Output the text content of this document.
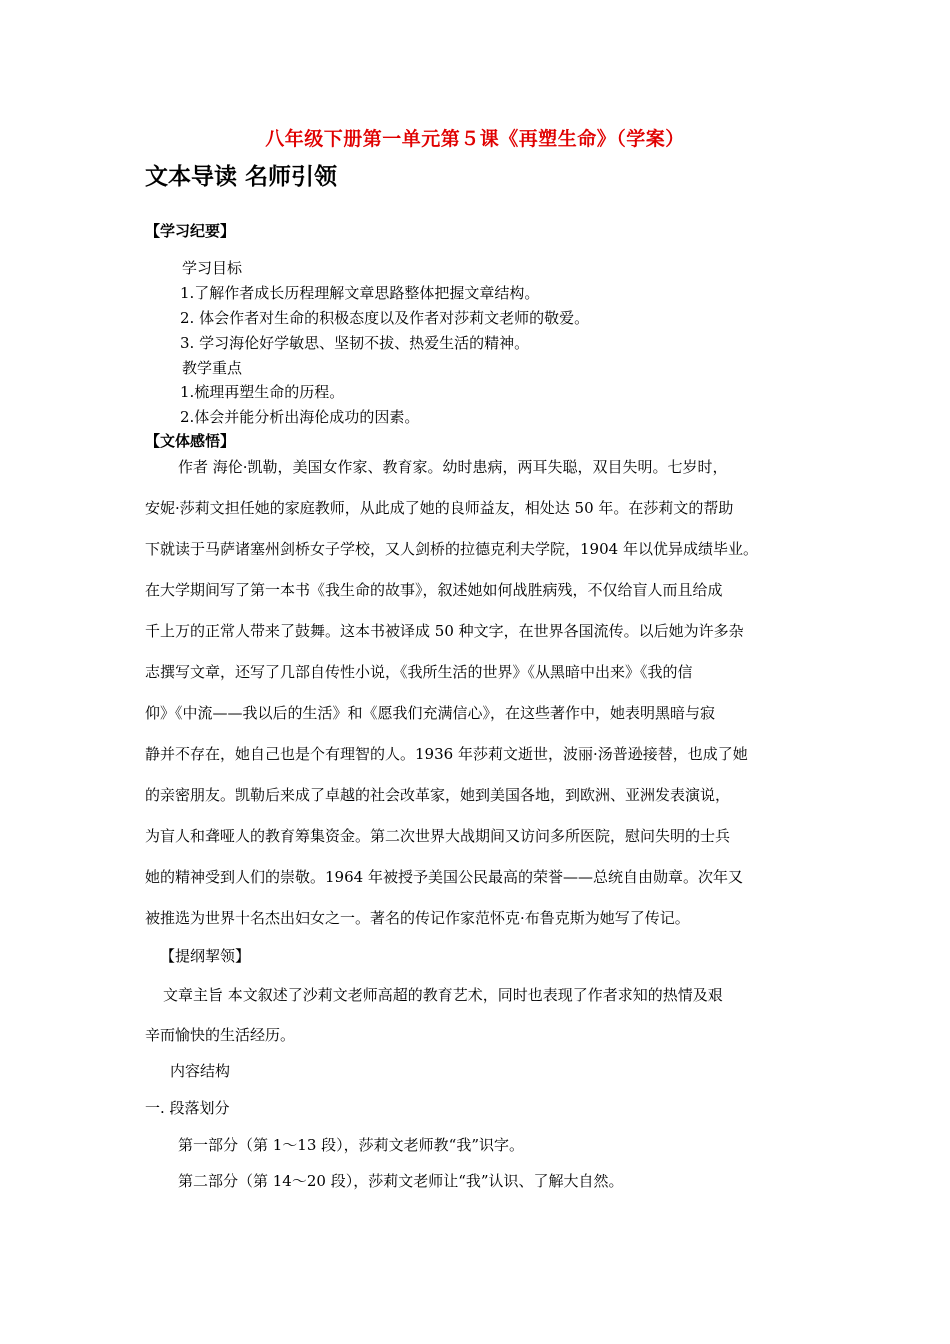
八年级下册第一单元第５课《再塑生命》（学案）
文本导读 名师引领
【学习纪要】
学习目标
1.了解作者成长历程理解文章思路整体把握文章结构。
2. 体会作者对生命的积极态度以及作者对莎莉文老师的敬爱。
3. 学习海伦好学敏思、坚韧不拔、热爱生活的精神。
教学重点
1.梳理再塑生命的历程。
2.体会并能分析出海伦成功的因素。
【文体感悟】
作者 海伦·凯勒，美国女作家、教育家。幼时患病，两耳失聪，双目失明。七岁时，
安妮·莎莉文担任她的家庭教师，从此成了她的良师益友，相处达 50 年。在莎莉文的帮助
下就读于马萨诸塞州剑桥女子学校，又人剑桥的拉德克利夫学院，1904 年以优异成绩毕业。
在大学期间写了第一本书《我生命的故事》，叙述她如何战胜病残，不仅给盲人而且给成
千上万的正常人带来了鼓舞。这本书被译成 50 种文字，在世界各国流传。以后她为许多杂
志撰写文章，还写了几部自传性小说，《我所生活的世界》《从黑暗中出来》《我的信
仰》《中流——我以后的生活》和《愿我们充满信心》，在这些著作中，她表明黑暗与寂
静并不存在，她自己也是个有理智的人。1936 年莎莉文逝世，波丽·汤普逊接替，也成了她
的亲密朋友。凯勒后来成了卓越的社会改革家，她到美国各地，到欧洲、亚洲发表演说，
为盲人和聋哑人的教育筹集资金。第二次世界大战期间又访问多所医院，慰问失明的士兵
她的精神受到人们的崇敬。1964 年被授予美国公民最高的荣誉——总统自由勋章。次年又
被推选为世界十名杰出妇女之一。著名的传记作家范怀克·布鲁克斯为她写了传记。
【提纲挈领】
文章主旨 本文叙述了沙莉文老师高超的教育艺术，同时也表现了作者求知的热情及艰
辛而愉快的生活经历。
内容结构
一. 段落划分
第一部分（第 1～13 段），莎莉文老师教“我”识字。
第二部分（第 14～20 段），莎莉文老师让“我”认识、了解大自然。
